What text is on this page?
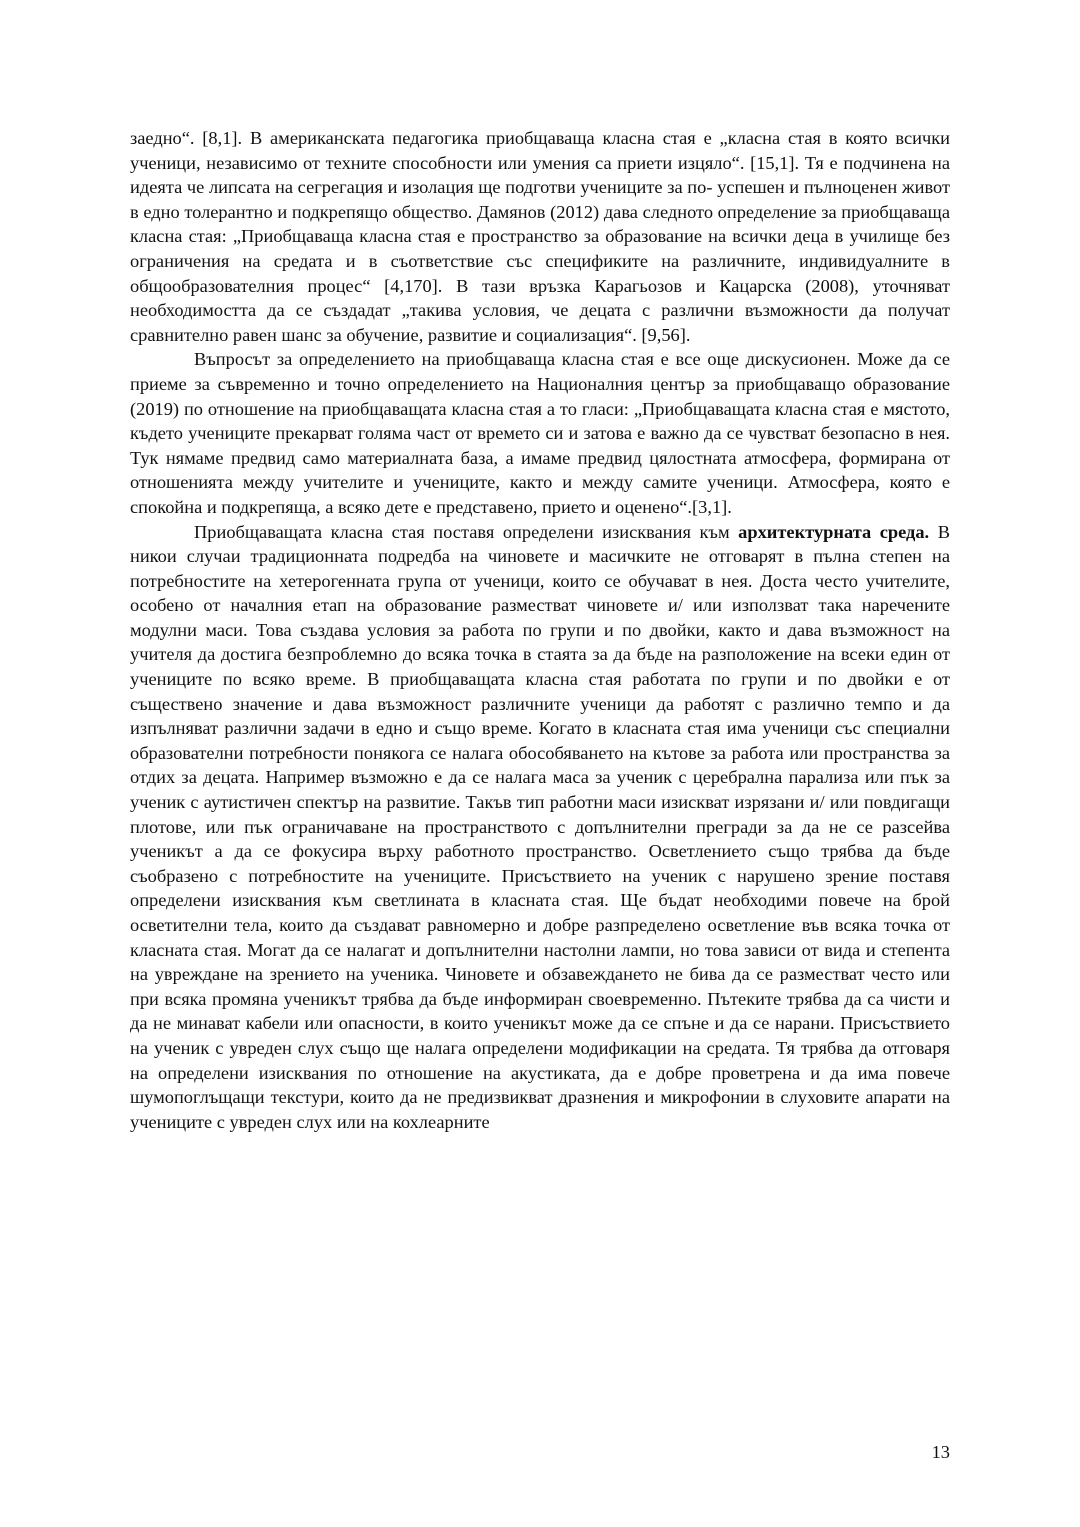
заедно“. [8,1]. В американската педагогика приобщаваща класна стая е „класна стая в която всички ученици, независимо от техните способности или умения са приети изцяло“. [15,1]. Тя е подчинена на идеята че липсата на сегрегация и изолация ще подготви учениците за по- успешен и пълноценен живот в едно толерантно и подкрепящо общество. Дамянов (2012) дава следното определение за приобщаваща класна стая: „Приобщаваща класна стая е пространство за образование на всички деца в училище без ограничения на средата и в съответствие със спецификите на различните, индивидуалните в общообразователния процес“ [4,170]. В тази връзка Карагьозов и Кацарска (2008), уточняват необходимостта да се създадат „такива условия, че децата с различни възможности да получат сравнително равен шанс за обучение, развитие и социализация“. [9,56].

Въпросът за определението на приобщаваща класна стая е все още дискусионен. Може да се приеме за съвременно и точно определението на Националния център за приобщаващо образование (2019) по отношение на приобщаващата класна стая а то гласи: „Приобщаващата класна стая е мястото, където учениците прекарват голяма част от времето си и затова е важно да се чувстват безопасно в нея. Тук нямаме предвид само материалната база, а имаме предвид цялостната атмосфера, формирана от отношенията между учителите и учениците, както и между самите ученици. Атмосфера, която е спокойна и подкрепяща, а всяко дете е представено, прието и оценено“.[3,1].

Приобщаващата класна стая поставя определени изисквания към архитектурната среда. В никои случаи традиционната подредба на чиновете и масичките не отговарят в пълна степен на потребностите на хетерогенната група от ученици, които се обучават в нея. Доста често учителите, особено от началния етап на образование разместват чиновете и/ или използват така наречените модулни маси. Това създава условия за работа по групи и по двойки, както и дава възможност на учителя да достига безпроблемно до всяка точка в стаята за да бъде на разположение на всеки един от учениците по всяко време. В приобщаващата класна стая работата по групи и по двойки е от съществено значение и дава възможност различните ученици да работят с различно темпо и да изпълняват различни задачи в едно и също време. Когато в класната стая има ученици със специални образователни потребности понякога се налага обособяването на кътове за работа или пространства за отдих за децата. Например възможно е да се налага маса за ученик с церебрална парализа или пък за ученик с аутистичен спектър на развитие. Такъв тип работни маси изискват изрязани и/ или повдигащи плотове, или пък ограничаване на пространството с допълнителни прегради за да не се разсейва ученикът а да се фокусира върху работното пространство. Осветлението също трябва да бъде съобразено с потребностите на учениците. Присъствието на ученик с нарушено зрение поставя определени изисквания към светлината в класната стая. Ще бъдат необходими повече на брой осветителни тела, които да създават равномерно и добре разпределено осветление във всяка точка от класната стая. Могат да се налагат и допълнителни настолни лампи, но това зависи от вида и степента на увреждане на зрението на ученика. Чиновете и обзавеждането не бива да се разместват често или при всяка промяна ученикът трябва да бъде информиран своевременно. Пътеките трябва да са чисти и да не минават кабели или опасности, в които ученикът може да се спъне и да се нарани. Присъствието на ученик с увреден слух също ще налага определени модификации на средата. Тя трябва да отговаря на определени изисквания по отношение на акустиката, да е добре проветрена и да има повече шумопоглъщащи текстури, които да не предизвикват дразнения и микрофонии в слуховите апарати на учениците с увреден слух или на кохлеарните

13
